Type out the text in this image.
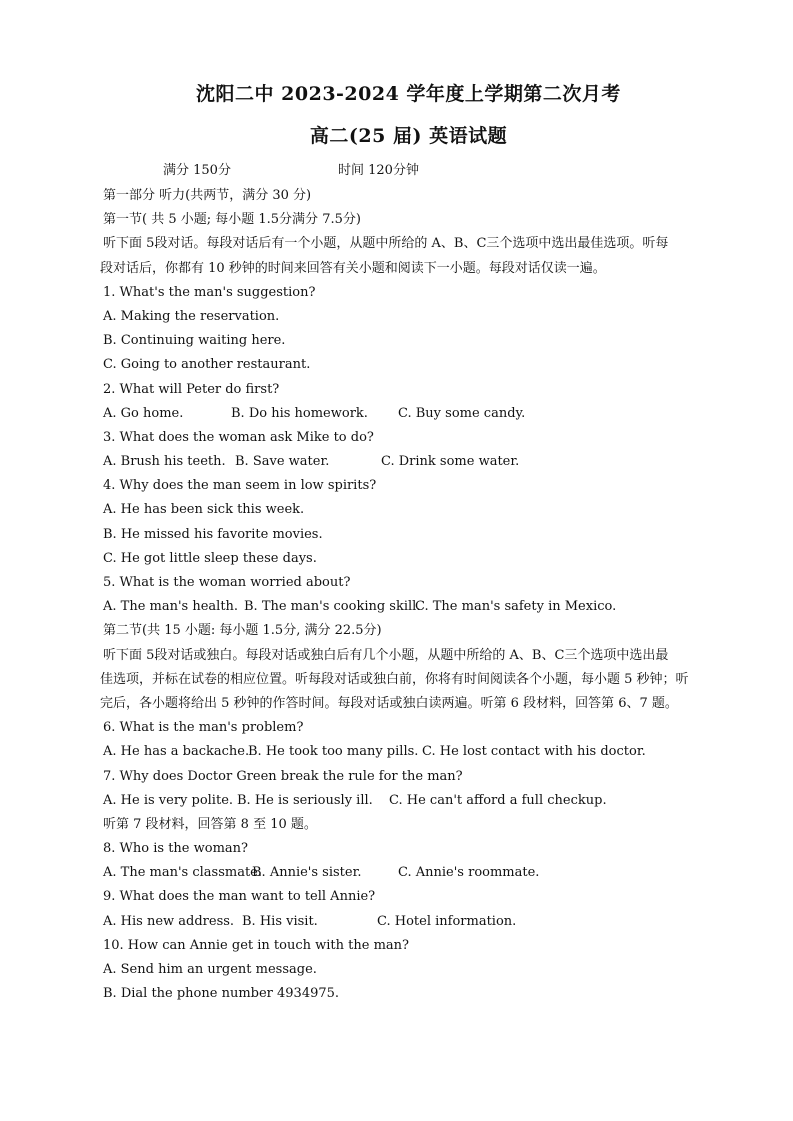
沈阳二中 2023-2024 学年度上学期第二次月考
高二(25 届) 英语试题
满分 150分	时间 120分钟
第一部分 听力(共两节，满分 30 分)
第一节( 共 5 小题; 每小题 1.5分满分 7.5分)
听下面 5段对话。每段对话后有一个小题，从题中所给的 A、B、C三个选项中选出最佳选项。听每
段对话后，你都有 10 秒钟的时间来回答有关小题和阅读下一小题。每段对话仅读一遍。
1. What's the man's suggestion?
A. Making the reservation.
B. Continuing waiting here.
C. Going to another restaurant.
2. What will Peter do first?
A. Go home.	B. Do his homework.	C. Buy some candy.
3. What does the woman ask Mike to do?
A. Brush his teeth. B. Save water.	C. Drink some water.
4. Why does the man seem in low spirits?
A. He has been sick this week.
B. He missed his favorite movies.
C. He got little sleep these days.
5. What is the woman worried about?
A. The man's health. B. The man's cooking skill.
C. The man's safety in Mexico.
第二节(共 15 小题: 每小题 1.5分, 满分 22.5分)
听下面 5段对话或独白。每段对话或独白后有几个小题，从题中所给的 A、B、C三个选项中选出最
佳选项，并标在试卷的相应位置。听每段对话或独白前，你将有时间阅读各个小题，每小题 5 秒钟；听
完后，各小题将给出 5 秒钟的作答时间。每段对话或独白读两遍。听第 6 段材料，回答第 6、7 题。
6. What is the man's problem?
A. He has a backache.
B. He took too many pills. C. He lost contact with his doctor.
7. Why does Doctor Green break the rule for the man?
A. He is very polite. B. He is seriously ill.	C. He can't afford a full checkup.
听第 7 段材料，回答第 8 至 10 题。
8. Who is the woman?
A. The man's classmate.
B. Annie's sister.	C. Annie's roommate.
9. What does the man want to tell Annie?
A. His new address. B. His visit.	C. Hotel information.
10. How can Annie get in touch with the man?
A. Send him an urgent message.
B. Dial the phone number 4934975.
